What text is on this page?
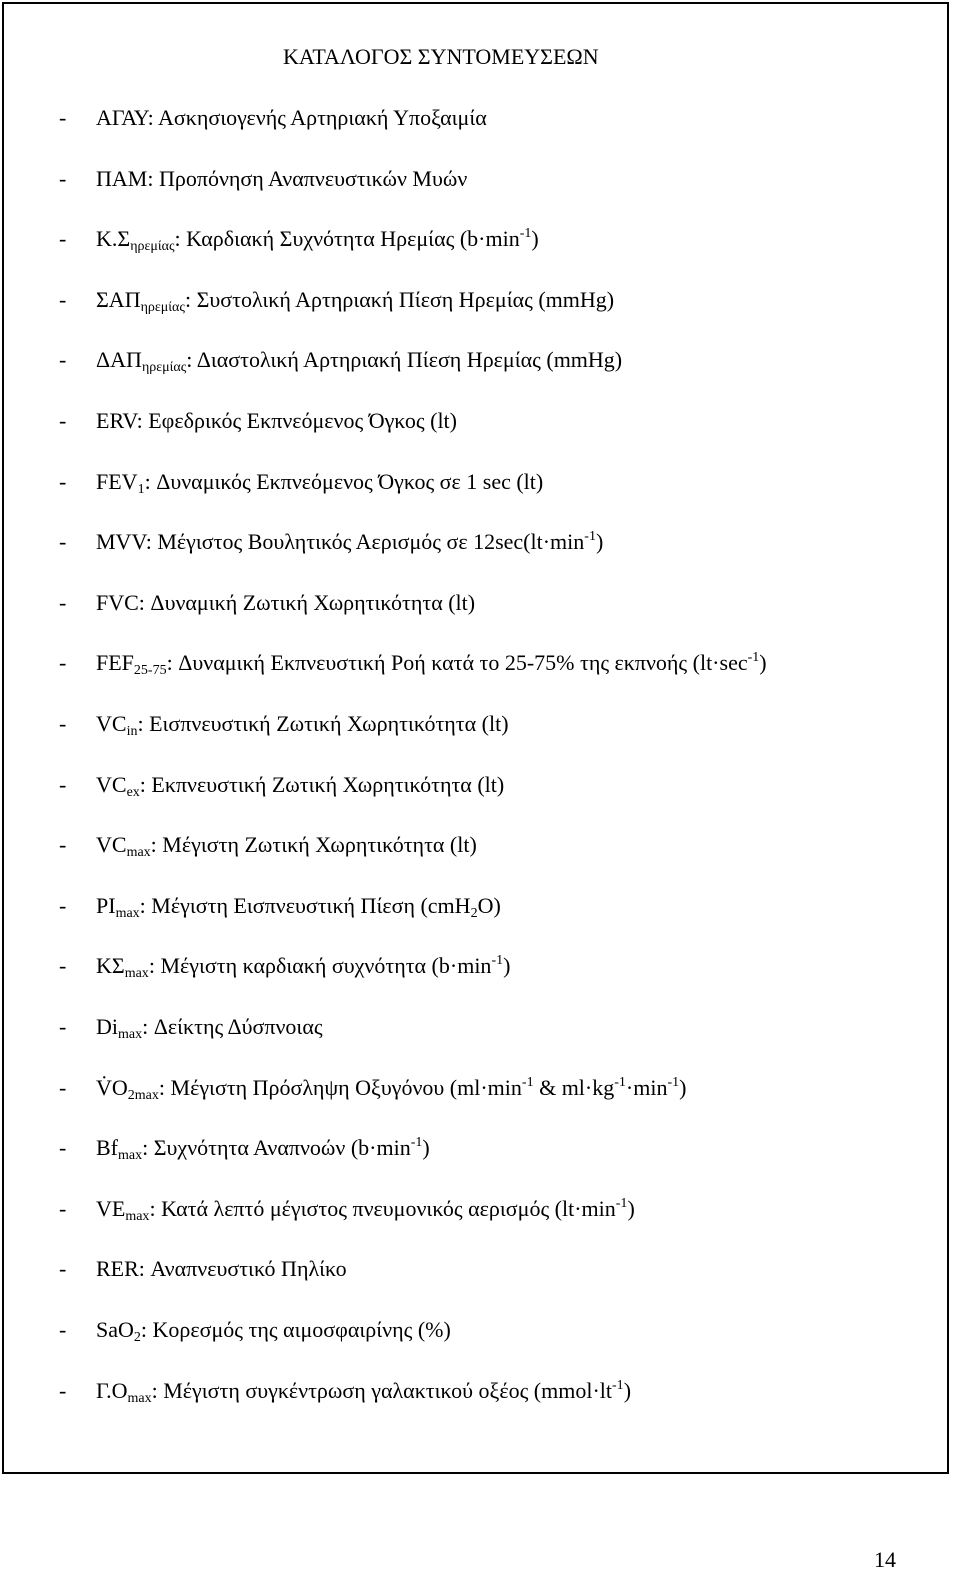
ΚΑΤΑΛΟΓΟΣ ΣΥΝΤΟΜΕΥΣΕΩΝ
- ΑΓΑΥ: Ασκησιογενής Αρτηριακή Υποξαιμία
- ΠΑΜ: Προπόνηση Αναπνευστικών Μυών
- $K.\Sigma_{\eta\rho\varepsilon\mu ί\alpha\varsigma}$: Καρδιακή Συχνότητα Ηρεμίας $(b\cdot\min^{-1})$
- $\Sigma A\Pi_{\eta\rho\varepsilon\mu ί\alpha\varsigma}$: Συστολική Αρτηριακή Πίεση Ηρεμίας (mmHg)
- $\Delta A\Pi_{\eta\rho\varepsilon\mu ί\alpha\varsigma}$: Διαστολική Αρτηριακή Πίεση Ηρεμίας (mmHg)
- ERV: Εφεδρικός Εκπνεόμενος Όγκος (lt)
- $FEV_1$: Δυναμικός Εκπνεόμενος Όγκος σε 1 sec (lt)
- MVV: Μέγιστος Βουλητικός Αερισμός σε $12\sec(lt\cdot\min^{-1})$
- FVC: Δυναμική Ζωτική Χωρητικότητα (lt)
- $FEF_{25-75}$: Δυναμική Εκπνευστική Ροή κατά το 25-75% της εκπνοής $(lt\cdot\sec^{-1})$
- $VC_{in}$: Εισπνευστική Ζωτική Χωρητικότητα (lt)
- $VC_{ex}$: Εκπνευστική Ζωτική Χωρητικότητα (lt)
- $VC_{max}$: Μέγιστη Ζωτική Χωρητικότητα (lt)
- $PI_{max}$: Μέγιστη Εισπνευστική Πίεση (cmH$_2$O)
- $K\Sigma_{max}$: Μέγιστη καρδιακή συχνότητα $(b\cdot\min^{-1})$
- $Di_{max}$: Δείκτης Δύσπνοιας
- $V̇O_{2max}$: Μέγιστη Πρόσληψη Οξυγόνου ($ml\cdot\min^{-1}$ & $ml\cdot kg^{-1}\cdot\min^{-1}$)
- $Bf_{max}$: Συχνότητα Αναπνοών $(b\cdot\min^{-1})$
- $VE_{max}$: Κατά λεπτό μέγιστος πνευμονικός αερισμός $(lt\cdot\min^{-1})$
- RER: Αναπνευστικό Πηλίκο
- SaO$_2$: Κορεσμός της αιμοσφαιρίνης (%)
- $\Gamma.O_{max}$: Μέγιστη συγκέντρωση γαλακτικού οξέος $(mmol\cdot lt^{-1})$
14
